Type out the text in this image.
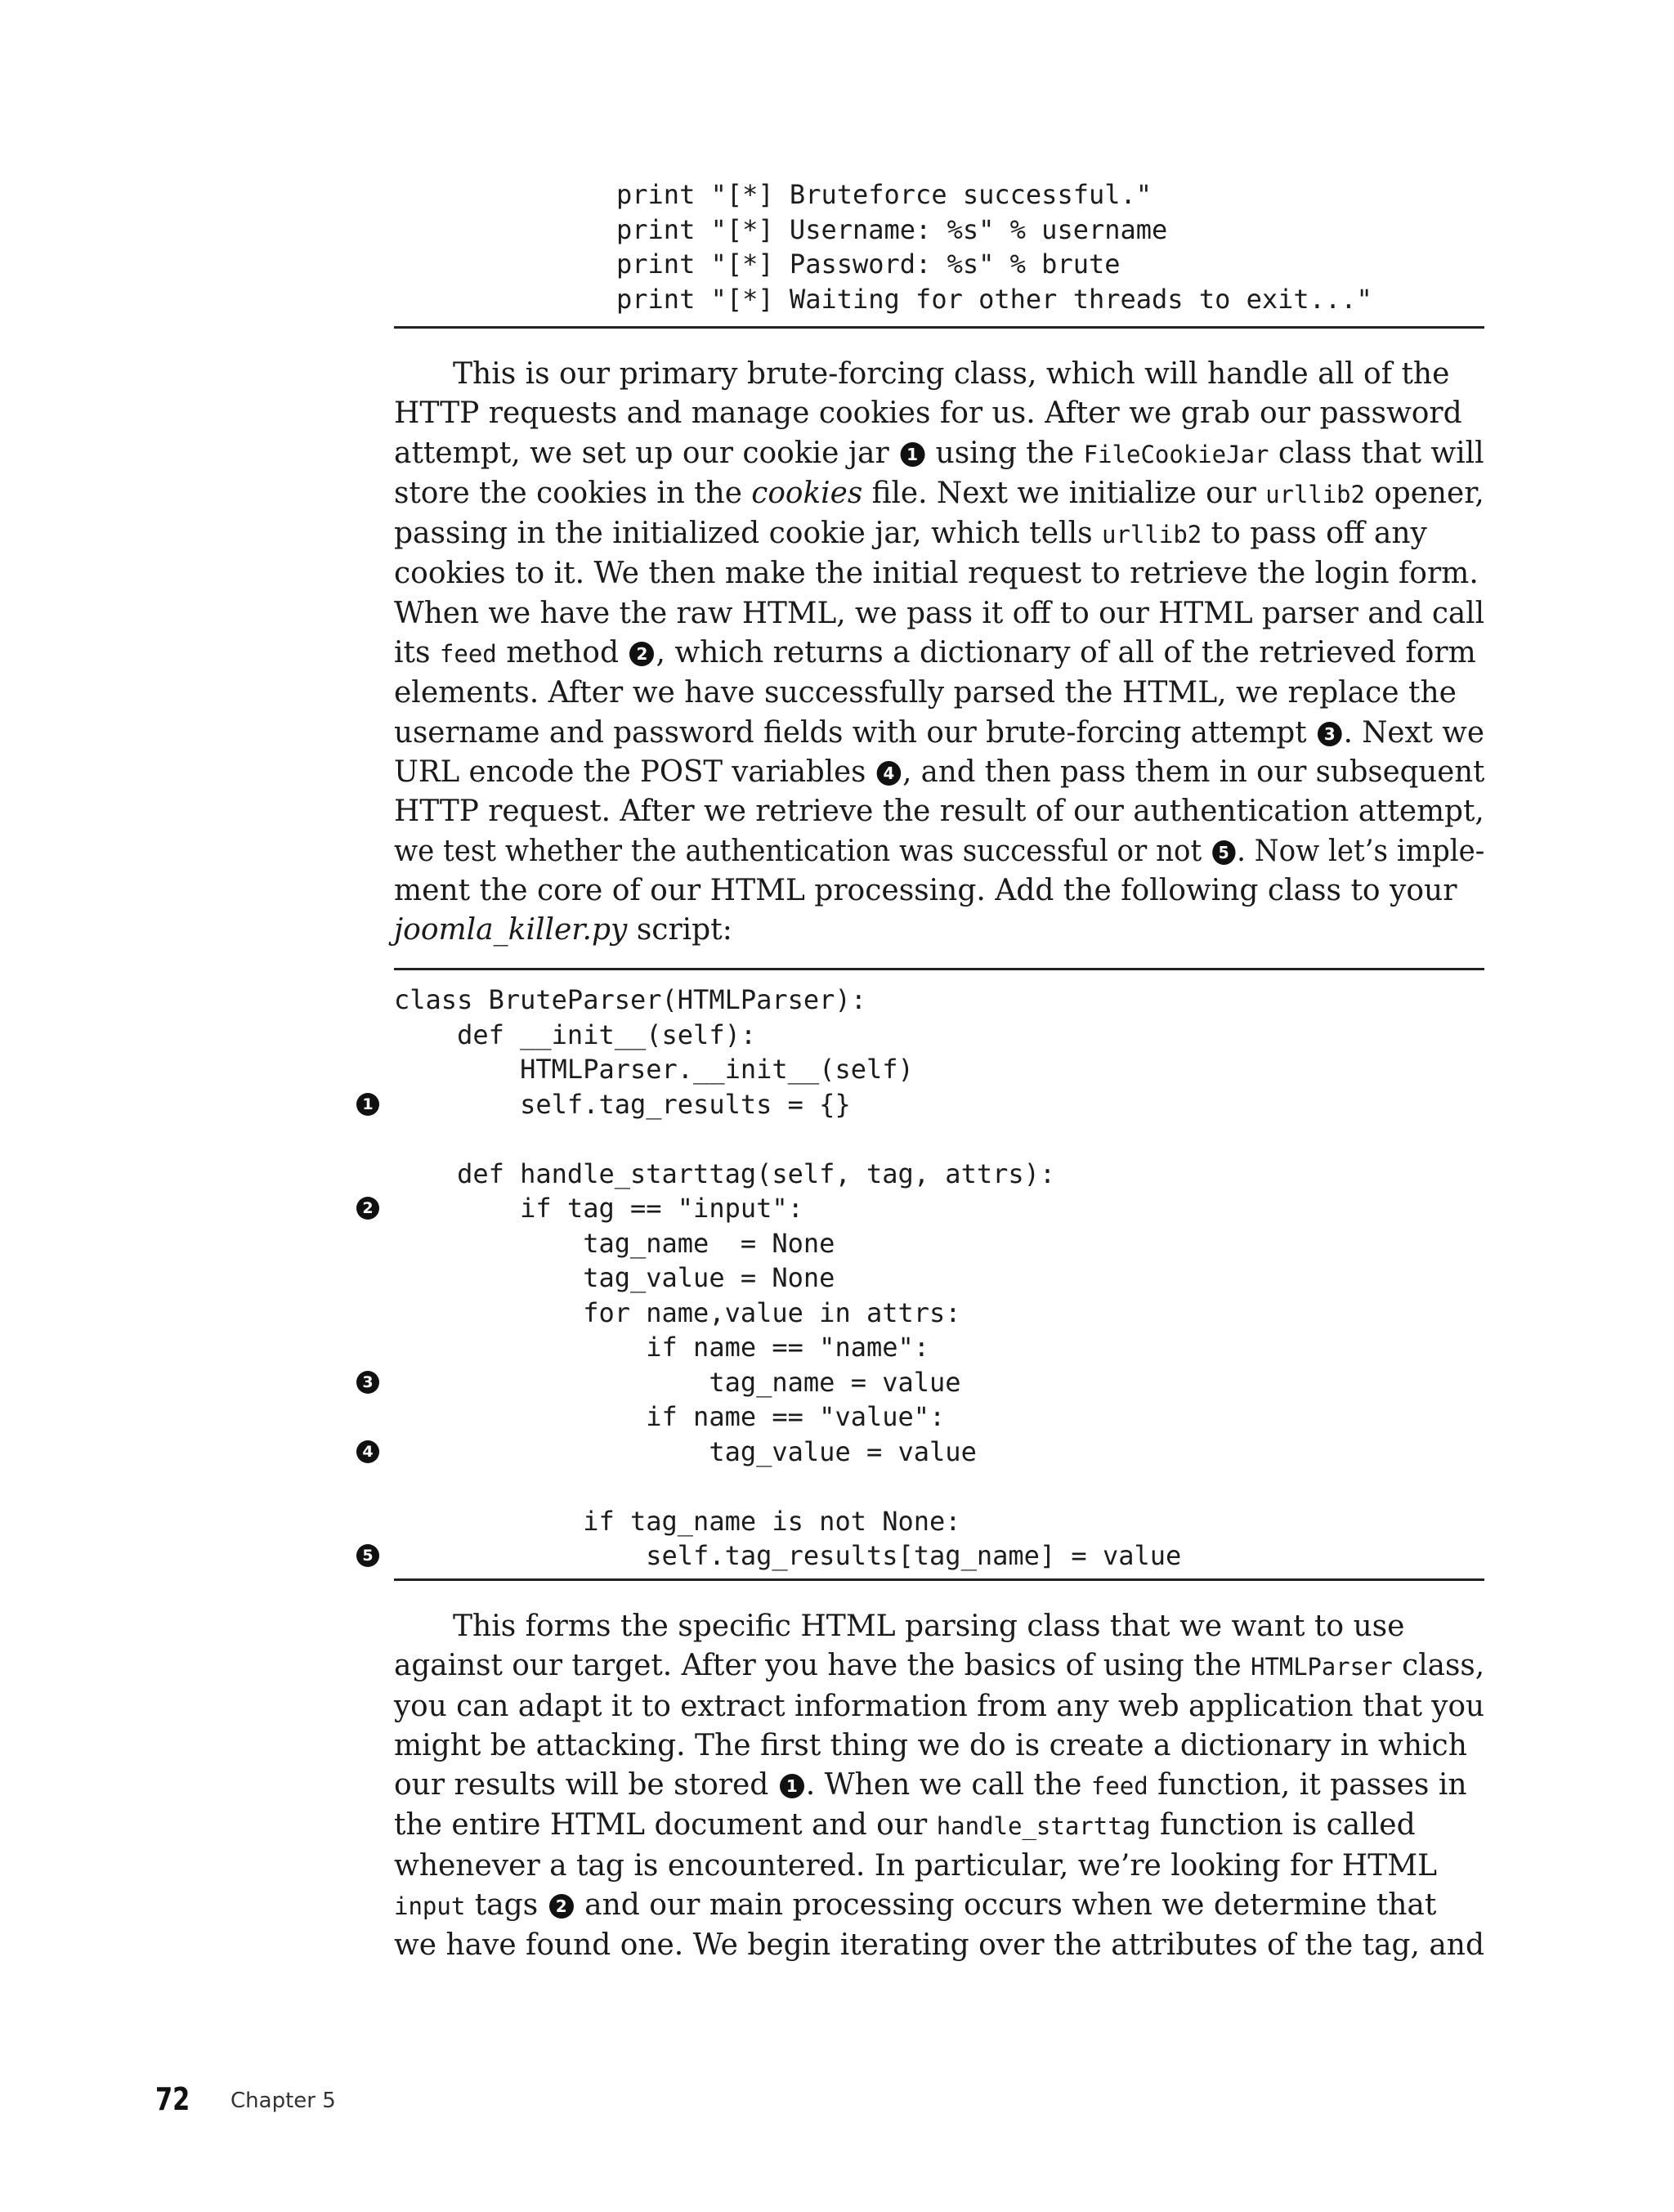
print "[*] Bruteforce successful."
print "[*] Username: %s" % username
print "[*] Password: %s" % brute
print "[*] Waiting for other threads to exit..."

This is our primary brute-forcing class, which will handle all of the
HTTP requests and manage cookies for us. After we grab our password
attempt, we set up our cookie jar 1 using the FileCookieJar class that will
store the cookies in the cookies file. Next we initialize our urllib2 opener,
passing in the initialized cookie jar, which tells urllib2 to pass off any
cookies to it. We then make the initial request to retrieve the login form.
When we have the raw HTML, we pass it off to our HTML parser and call
its feed method 2 , which returns a dictionary of all of the retrieved form
elements. After we have successfully parsed the HTML, we replace the
username and password fields with our brute-forcing attempt 3 . Next we
URL encode the POST variables 4 , and then pass them in our subsequent
HTTP request. After we retrieve the result of our authentication attempt,
we test whether the authentication was successful or not 5 . Now let’s imple-
ment the core of our HTML processing. Add the following class to your
joomla_killer.py script:

class BruteParser(HTMLParser):
def __init__(self):
HTMLParser.__init__(self)
1 self.tag_results = {}
def handle_starttag(self, tag, attrs):
2 if tag == "input":
tag_name  = None
tag_value = None
for name,value in attrs:
if name == "name":
3 tag_name = value
if name == "value":
4 tag_value = value
if tag_name is not None:
5 self.tag_results[tag_name] = value

This forms the specific HTML parsing class that we want to use
against our target. After you have the basics of using the HTMLParser class,
you can adapt it to extract information from any web application that you
might be attacking. The first thing we do is create a dictionary in which
our results will be stored 1 . When we call the feed function, it passes in
the entire HTML document and our handle_starttag function is called
whenever a tag is encountered. In particular, we’re looking for HTML
input tags 2 and our main processing occurs when we determine that
we have found one. We begin iterating over the attributes of the tag, and

72 Chapter 5
